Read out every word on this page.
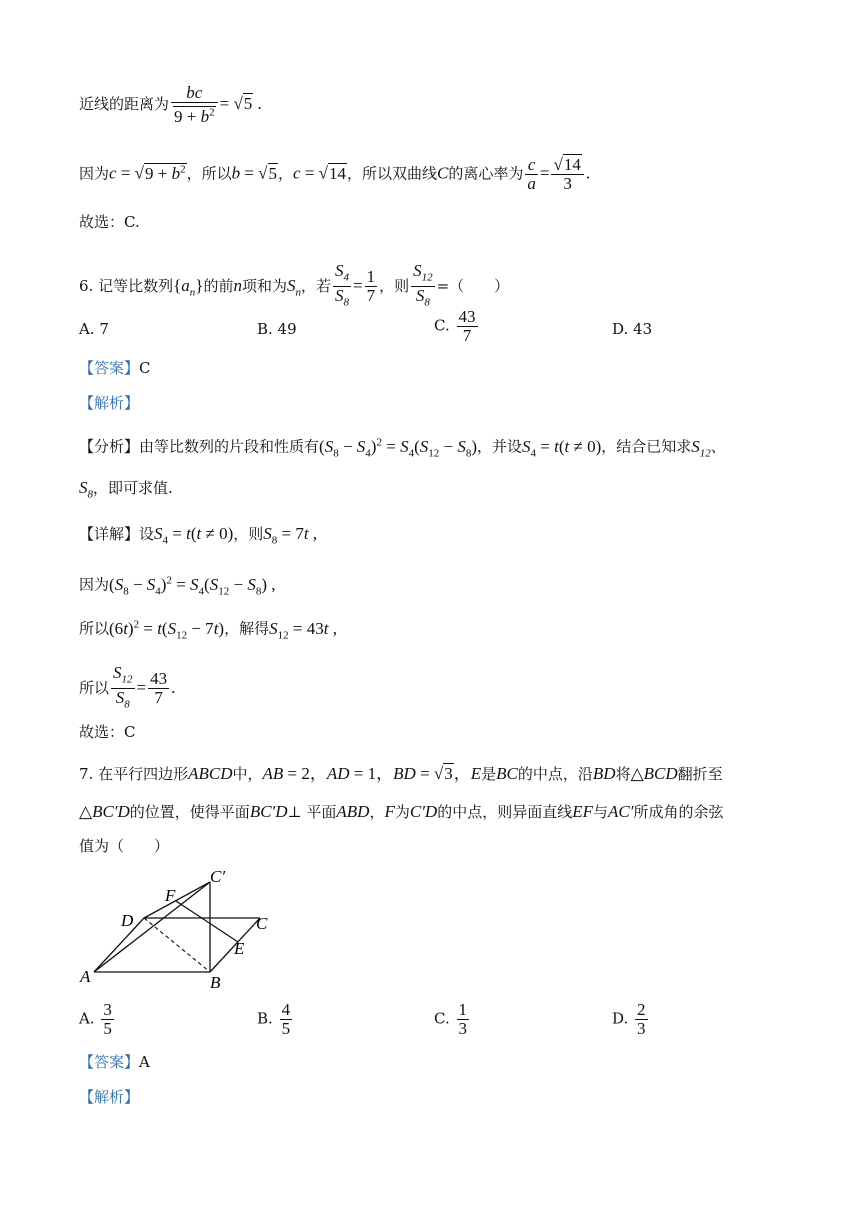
近线的距离为 $\frac{bc}{9 + b^2} = √5$ .
因为$c = √9 + b^2$，所以b = √5，c = √14，所以双曲线C的离心率为 $\frac{c}{a} = \frac{√14}{3}$ .
故选：C.
6. 记等比数列$\{a_n\}$的前n项和为$S_n$，若 $\frac{S_4}{S_8} = \frac{1}{7}$ ，则 $\frac{S_{12}}{S_8}$ =（　　）
A. 7	B. 49	C. $\frac{43}{7}$	D. 43
【答案】C
【解析】
【分析】由等比数列的片段和性质有$(S_8 - S_4)^2 = S_4(S_{12} - S_8)$，并设$S_4 = t(t \ne 0)$，结合已知求$S_{12}$、
$S_8$，即可求值.
【详解】设$S_4 = t(t \ne 0)$，则$S_8 = 7t$ ,
因为$(S_8 - S_4)^2 = S_4(S_{12} - S_8)$ ,
所以$(6t)^2 = t(S_{12} - 7t)$，解得$S_{12} = 43t$ ,
所以 $\frac{S_{12}}{S_8} = \frac{43}{7}$ .
故选：C
7. 在平行四边形ABCD中，AB = 2，AD = 1，BD = √3，E是BC的中点，沿BD将△BCD翻折至
△BC′D的位置，使得平面BC′D⊥ 平面ABD，F为C′D的中点，则异面直线EF与AC′所成角的余弦
值为（　　）
A	B
C
D
E
F
C′
A. $\frac{3}{5}$	B. $\frac{4}{5}$	C. $\frac{1}{3}$	D. $\frac{2}{3}$
【答案】A
【解析】
